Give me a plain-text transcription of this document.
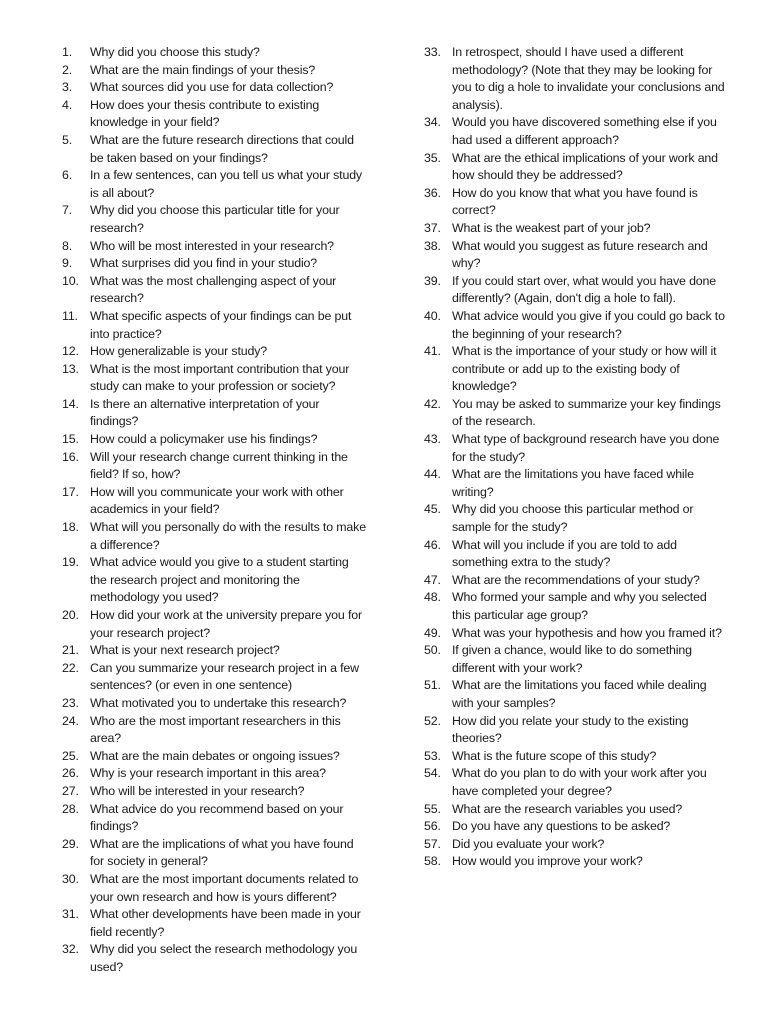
1.	Why did you choose this study?
2.	What are the main findings of your thesis?
3.	What sources did you use for data collection?
4.	How does your thesis contribute to existing knowledge in your field?
5.	What are the future research directions that could be taken based on your findings?
6.	In a few sentences, can you tell us what your study is all about?
7.	Why did you choose this particular title for your research?
8.	Who will be most interested in your research?
9.	What surprises did you find in your studio?
10. What was the most challenging aspect of your research?
11. What specific aspects of your findings can be put into practice?
12. How generalizable is your study?
13. What is the most important contribution that your study can make to your profession or society?
14. Is there an alternative interpretation of your findings?
15. How could a policymaker use his findings?
16. Will your research change current thinking in the field? If so, how?
17. How will you communicate your work with other academics in your field?
18. What will you personally do with the results to make a difference?
19. What advice would you give to a student starting the research project and monitoring the methodology you used?
20. How did your work at the university prepare you for your research project?
21. What is your next research project?
22. Can you summarize your research project in a few sentences? (or even in one sentence)
23. What motivated you to undertake this research?
24. Who are the most important researchers in this area?
25. What are the main debates or ongoing issues?
26. Why is your research important in this area?
27. Who will be interested in your research?
28. What advice do you recommend based on your findings?
29. What are the implications of what you have found for society in general?
30. What are the most important documents related to your own research and how is yours different?
31. What other developments have been made in your field recently?
32. Why did you select the research methodology you used?
33. In retrospect, should I have used a different methodology? (Note that they may be looking for you to dig a hole to invalidate your conclusions and analysis).
34. Would you have discovered something else if you had used a different approach?
35. What are the ethical implications of your work and how should they be addressed?
36. How do you know that what you have found is correct?
37. What is the weakest part of your job?
38. What would you suggest as future research and why?
39. If you could start over, what would you have done differently? (Again, don't dig a hole to fall).
40. What advice would you give if you could go back to the beginning of your research?
41. What is the importance of your study or how will it contribute or add up to the existing body of knowledge?
42. You may be asked to summarize your key findings of the research.
43. What type of background research have you done for the study?
44. What are the limitations you have faced while writing?
45. Why did you choose this particular method or sample for the study?
46. What will you include if you are told to add something extra to the study?
47. What are the recommendations of your study?
48. Who formed your sample and why you selected this particular age group?
49. What was your hypothesis and how you framed it?
50. If given a chance, would like to do something different with your work?
51. What are the limitations you faced while dealing with your samples?
52. How did you relate your study to the existing theories?
53. What is the future scope of this study?
54. What do you plan to do with your work after you have completed your degree?
55. What are the research variables you used?
56. Do you have any questions to be asked?
57. Did you evaluate your work?
58. How would you improve your work?
